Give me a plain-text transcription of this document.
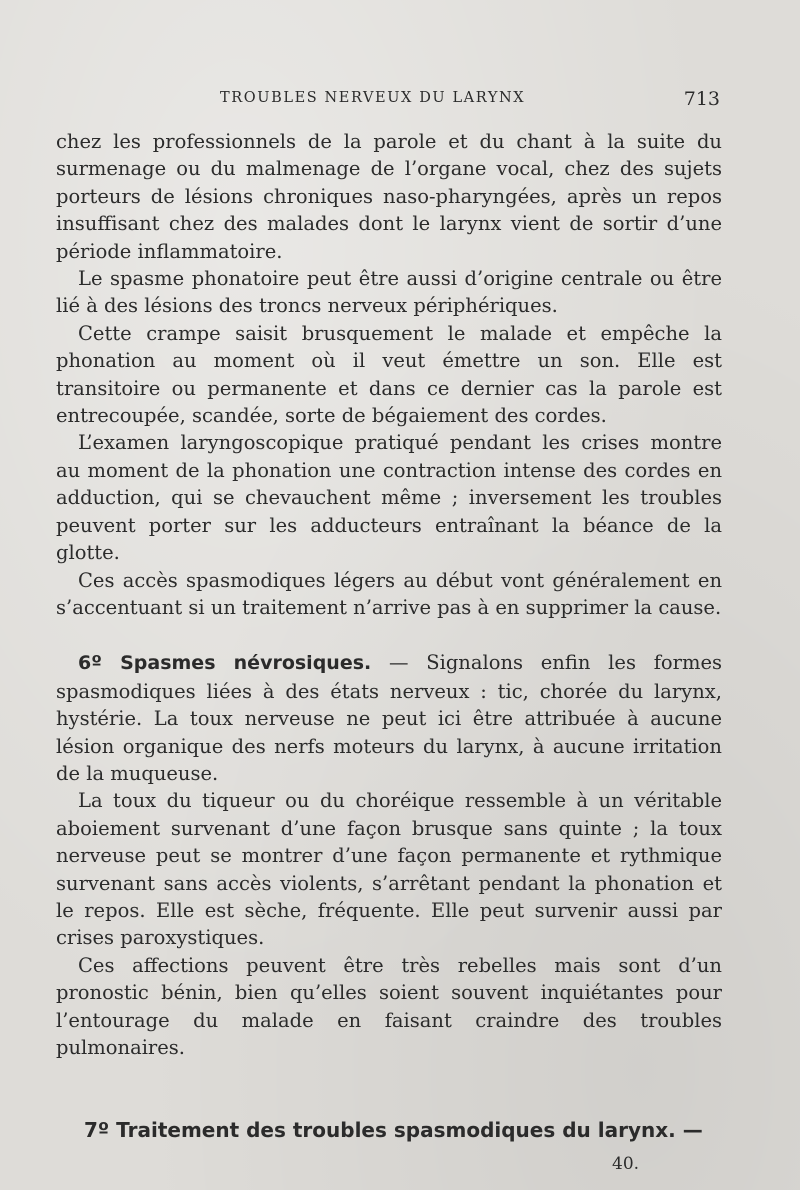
TROUBLES NERVEUX DU LARYNX	713

chez les professionnels de la parole et du chant à la suite du surmenage ou du malmenage de l’organe vocal, chez des sujets porteurs de lésions chroniques naso-pharyngées, après un repos insuffisant chez des malades dont le larynx vient de sortir d’une période inflammatoire.

Le spasme phonatoire peut être aussi d’origine centrale ou être lié à des lésions des troncs nerveux périphériques.

Cette crampe saisit brusquement le malade et empêche la phonation au moment où il veut émettre un son. Elle est transitoire ou permanente et dans ce dernier cas la parole est entrecoupée, scandée, sorte de bégaiement des cordes.

L’examen laryngoscopique pratiqué pendant les crises montre au moment de la phonation une contraction intense des cordes en adduction, qui se chevauchent même ; inversement les troubles peuvent porter sur les adducteurs entraînant la béance de la glotte.

Ces accès spasmodiques légers au début vont généralement en s’accentuant si un traitement n’arrive pas à en supprimer la cause.

6º Spasmes névrosiques. — Signalons enfin les formes spasmodiques liées à des états nerveux : tic, chorée du larynx, hystérie. La toux nerveuse ne peut ici être attribuée à aucune lésion organique des nerfs moteurs du larynx, à aucune irritation de la muqueuse.

La toux du tiqueur ou du choréique ressemble à un véritable aboiement survenant d’une façon brusque sans quinte ; la toux nerveuse peut se montrer d’une façon permanente et rythmique survenant sans accès violents, s’arrêtant pendant la phonation et le repos. Elle est sèche, fréquente. Elle peut survenir aussi par crises paroxystiques.

Ces affections peuvent être très rebelles mais sont d’un pronostic bénin, bien qu’elles soient souvent inquiétantes pour l’entourage du malade en faisant craindre des troubles pulmonaires.

7º Traitement des troubles spasmodiques du larynx. —
40.
